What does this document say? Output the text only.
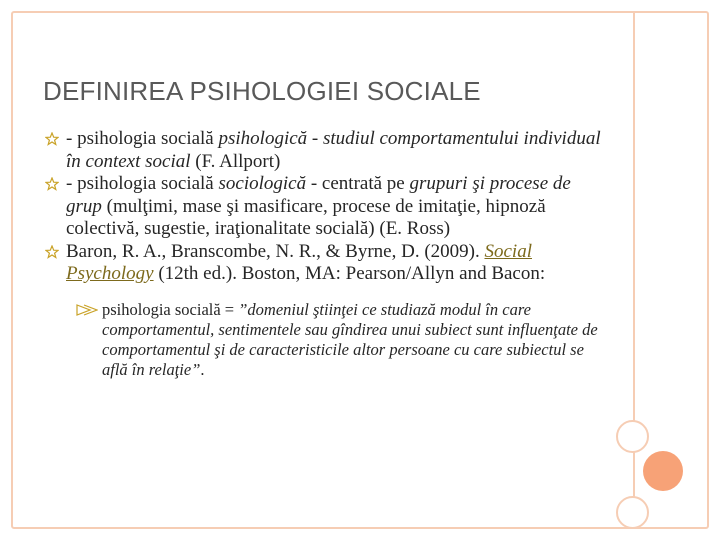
DEFINIREA PSIHOLOGIEI SOCIALE
- psihologia socială psihologică - studiul comportamentului individual în context social (F. Allport)
- psihologia socială sociologică - centrată pe grupuri şi procese de grup (mulţimi, mase şi masificare, procese de imitaţie, hipnoză colectivă, sugestie, iraţionalitate socială) (E. Ross)
Baron, R. A., Branscombe, N. R., & Byrne, D. (2009). Social Psychology (12th ed.). Boston, MA: Pearson/Allyn and Bacon:
psihologia socială = ”domeniul ştiinţei ce studiază modul în care comportamentul, sentimentele sau gîndirea unui subiect sunt influenţate de comportamentul şi de caracteristicile altor persoane cu care subiectul se află în relaţie”.
